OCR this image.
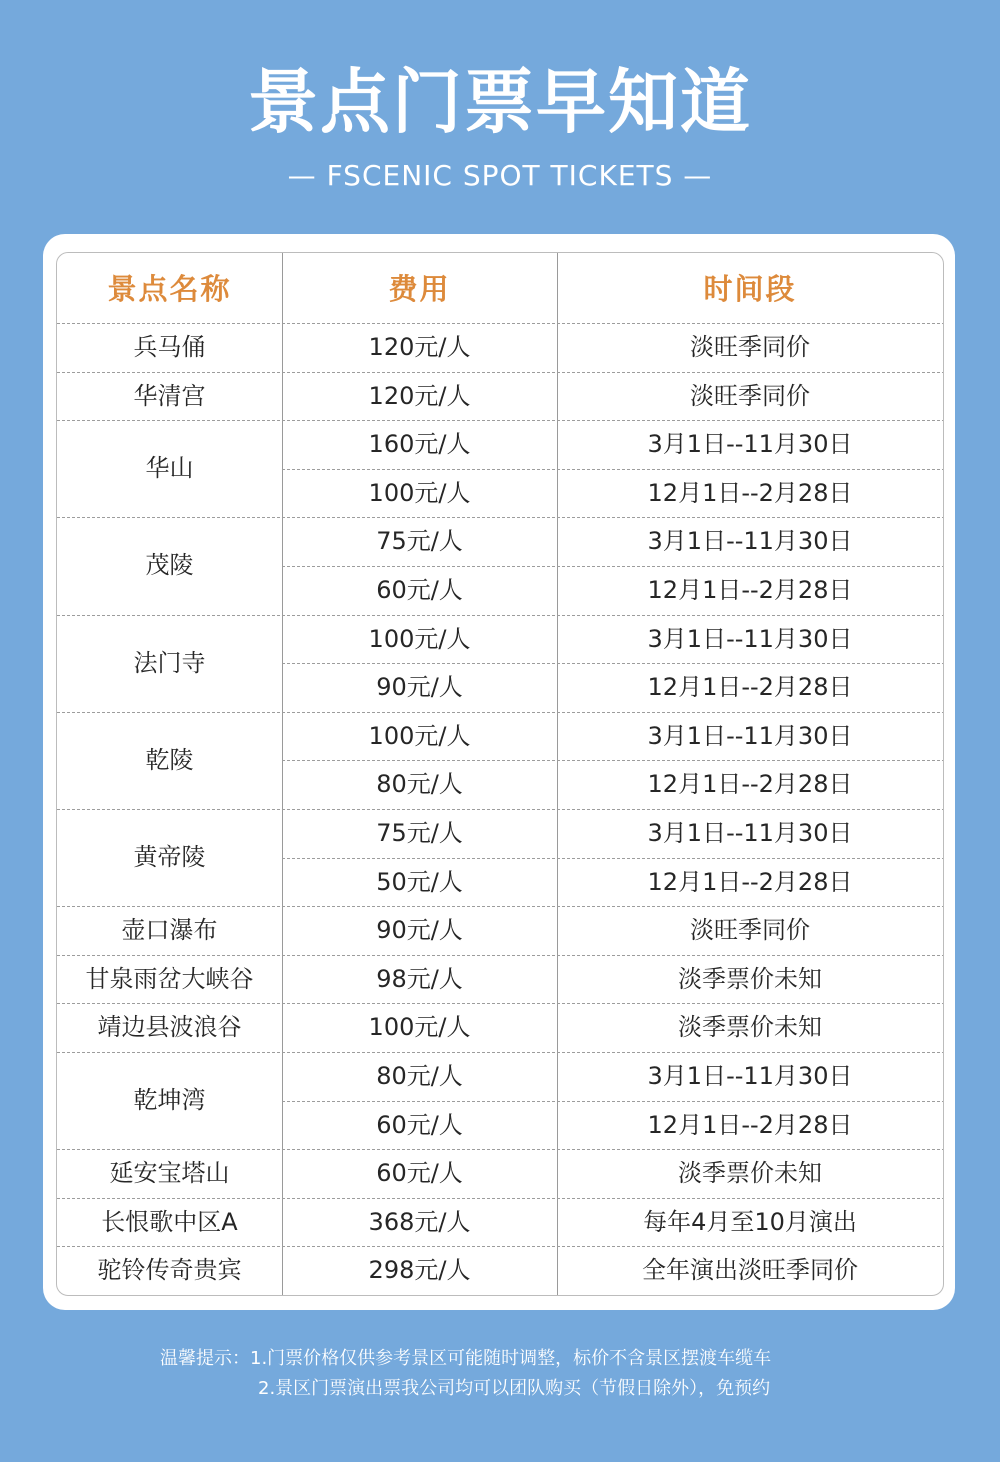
景点门票早知道
— FSCENIC SPOT TICKETS —
景点名称	费用	时间段
兵马俑	120元/人	淡旺季同价
华清宫	120元/人	淡旺季同价
华山
160元/人	3月1日--11月30日
100元/人	12月1日--2月28日
茂陵
75元/人	3月1日--11月30日
60元/人	12月1日--2月28日
法门寺
100元/人	3月1日--11月30日
90元/人	12月1日--2月28日
乾陵
100元/人	3月1日--11月30日
80元/人	12月1日--2月28日
黄帝陵
75元/人	3月1日--11月30日
50元/人	12月1日--2月28日
壶口瀑布	90元/人	淡旺季同价
甘泉雨岔大峡谷	98元/人	淡季票价未知
靖边县波浪谷	100元/人	淡季票价未知
乾坤湾
80元/人	3月1日--11月30日
60元/人	12月1日--2月28日
延安宝塔山	60元/人	淡季票价未知
长恨歌中区A	368元/人	每年4月至10月演出
驼铃传奇贵宾	298元/人	全年演出淡旺季同价
温馨提示：1.门票价格仅供参考景区可能随时调整，标价不含景区摆渡车缆车
2.景区门票演出票我公司均可以团队购买（节假日除外），免预约
